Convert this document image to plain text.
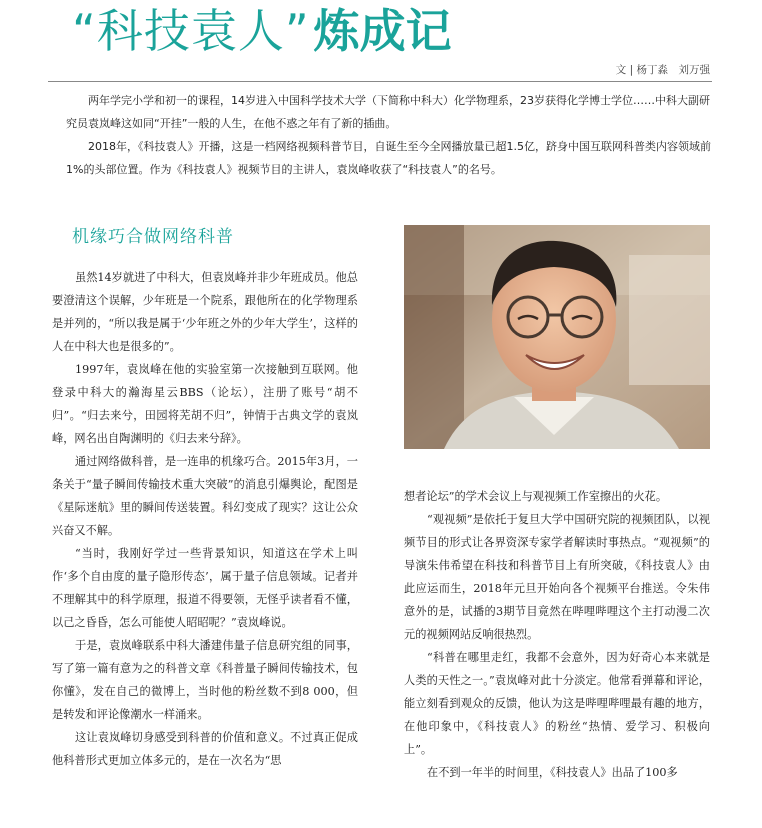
“科技袁人”炼成记
文 | 杨丁淼　刘万强

两年学完小学和初一的课程，14岁进入中国科学技术大学（下简称中科大）化学物理系，23岁获得化学博士学位……中科大副研究员袁岚峰这如同“开挂”一般的人生，在他不惑之年有了新的插曲。

2018年，《科技袁人》开播，这是一档网络视频科普节目，自诞生至今全网播放量已超1.5亿，跻身中国互联网科普类内容领域前1%的头部位置。作为《科技袁人》视频节目的主讲人，袁岚峰收获了“科技袁人”的名号。

机缘巧合做网络科普

虽然14岁就进了中科大，但袁岚峰并非少年班成员。他总要澄清这个误解，少年班是一个院系，跟他所在的化学物理系是并列的，“所以我是属于‘少年班之外的少年大学生’，这样的人在中科大也是很多的”。

1997年，袁岚峰在他的实验室第一次接触到互联网。他登录中科大的瀚海星云BBS（论坛），注册了账号“胡不归”。“归去来兮，田园将芜胡不归”，钟情于古典文学的袁岚峰，网名出自陶渊明的《归去来兮辞》。

通过网络做科普，是一连串的机缘巧合。2015年3月，一条关于“量子瞬间传输技术重大突破”的消息引爆舆论，配图是《星际迷航》里的瞬间传送装置。科幻变成了现实？这让公众兴奋又不解。

“当时，我刚好学过一些背景知识，知道这在学术上叫作‘多个自由度的量子隐形传态’，属于量子信息领域。记者并不理解其中的科学原理，报道不得要领，无怪乎读者看不懂，以己之昏昏，怎么可能使人昭昭呢？”袁岚峰说。

于是，袁岚峰联系中科大潘建伟量子信息研究组的同事，写了第一篇有意为之的科普文章《科普量子瞬间传输技术，包你懂》，发在自己的微博上，当时他的粉丝数不到8 000，但是转发和评论像潮水一样涌来。

这让袁岚峰切身感受到科普的价值和意义。不过真正促成他科普形式更加立体多元的，是在一次名为“思

想者论坛”的学术会议上与观视频工作室擦出的火花。

“观视频”是依托于复旦大学中国研究院的视频团队，以视频节目的形式让各界资深专家学者解读时事热点。“观视频”的导演朱伟希望在科技和科普节目上有所突破，《科技袁人》由此应运而生，2018年元旦开始向各个视频平台推送。令朱伟意外的是，试播的3期节目竟然在哔哩哔哩这个主打动漫二次元的视频网站反响很热烈。

“科普在哪里走红，我都不会意外，因为好奇心本来就是人类的天性之一。”袁岚峰对此十分淡定。他常看弹幕和评论，能立刻看到观众的反馈，他认为这是哔哩哔哩最有趣的地方，在他印象中，《科技袁人》的粉丝“热情、爱学习、积极向上”。

在不到一年半的时间里，《科技袁人》出品了100多
